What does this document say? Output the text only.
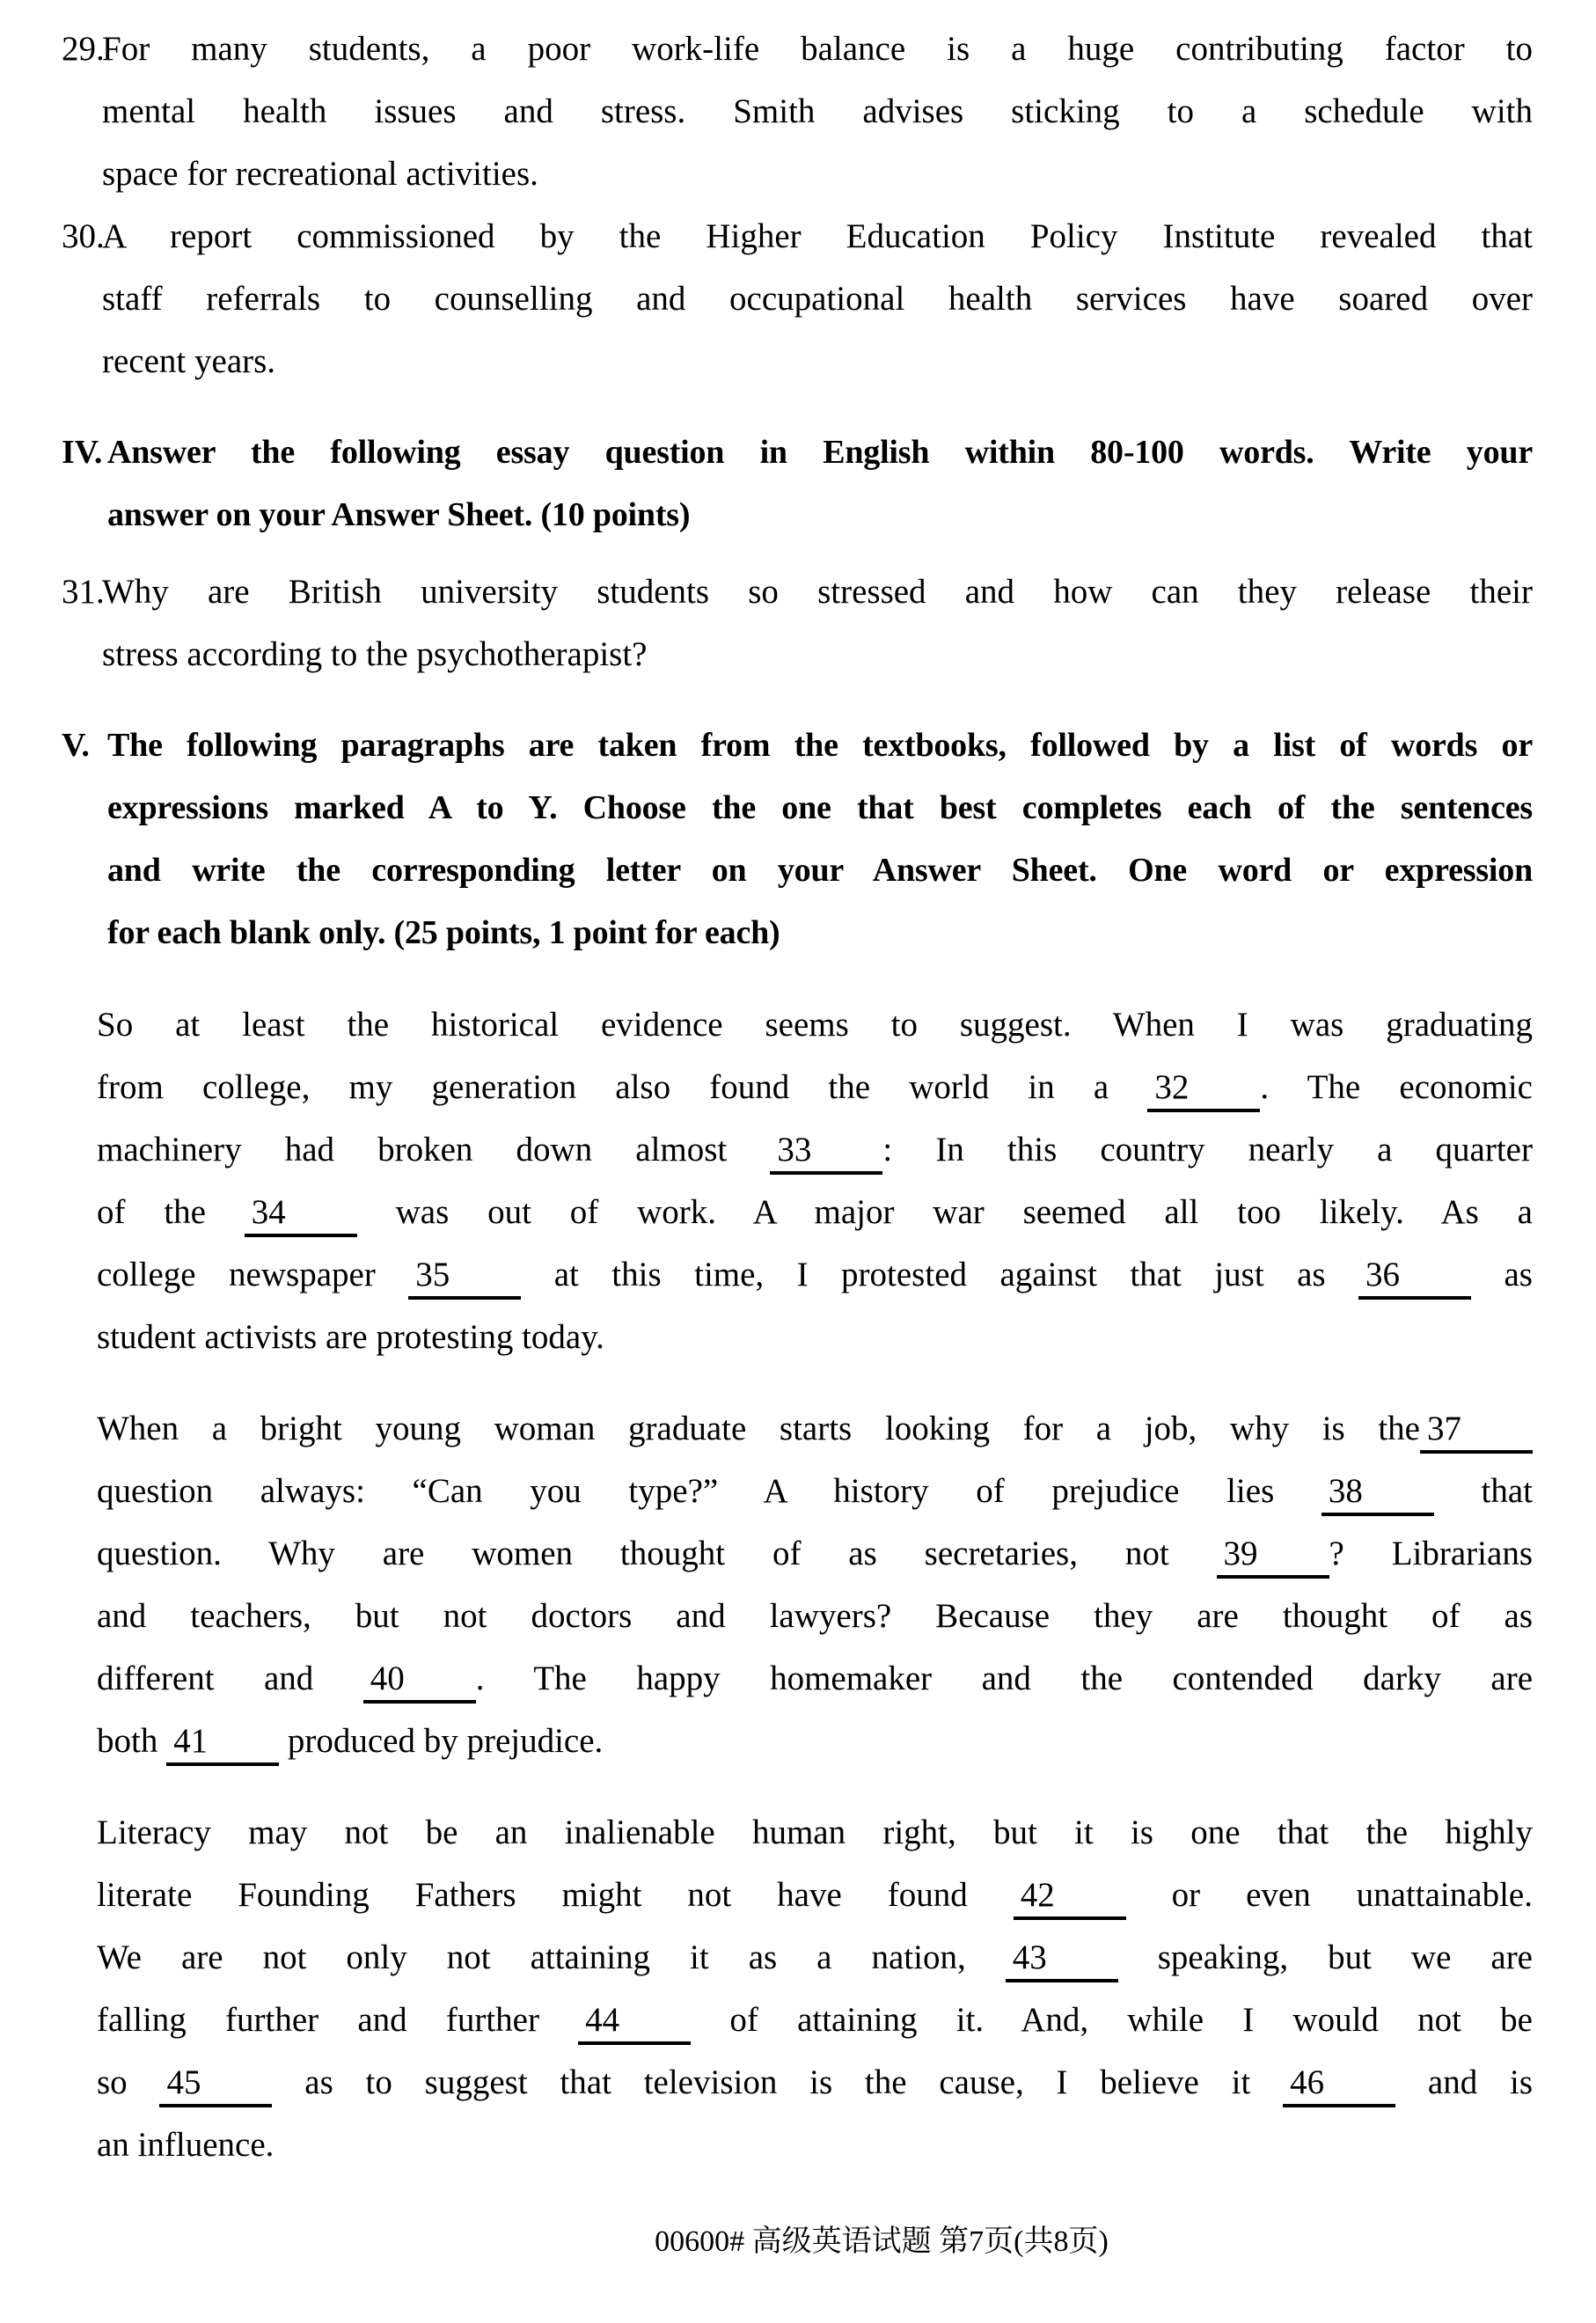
29.
For many students, a poor work-life balance is a huge contributing factor to
mental health issues and stress. Smith advises sticking to a schedule with
space for recreational activities.
30.
A report commissioned by the Higher Education Policy Institute revealed that
staff referrals to counselling and occupational health services have soared over
recent years.
IV. Answer the following essay question in English within 80-100 words. Write your
answer on your Answer Sheet. (10 points)
31.
Why are British university students so stressed and how can they release their
stress according to the psychotherapist?
V. The following paragraphs are taken from the textbooks, followed by a list of words or
expressions marked A to Y. Choose the one that best completes each of the sentences
and write the corresponding letter on your Answer Sheet. One word or expression
for each blank only. (25 points, 1 point for each)
So at least the historical evidence seems to suggest. When I was graduating
from college, my generation also found the world in a 32 . The economic
machinery had broken down almost 33 : In this country nearly a quarter
of the 34 was out of work. A major war seemed all too likely. As a
college newspaper 35 at this time, I protested against that just as 36 as
student activists are protesting today.
When a bright young woman graduate starts looking for a job, why is the 37
question always: “Can you type?” A history of prejudice lies 38 that
question. Why are women thought of as secretaries, not 39 ? Librarians
and teachers, but not doctors and lawyers? Because they are thought of as
different and 40 . The happy homemaker and the contended darky are
both 41 produced by prejudice.
Literacy may not be an inalienable human right, but it is one that the highly
literate Founding Fathers might not have found 42 or even unattainable.
We are not only not attaining it as a nation, 43 speaking, but we are
falling further and further 44 of attaining it. And, while I would not be
so 45 as to suggest that television is the cause, I believe it 46 and is
an influence.
00600# 高级英语试题 第7页(共8页)
